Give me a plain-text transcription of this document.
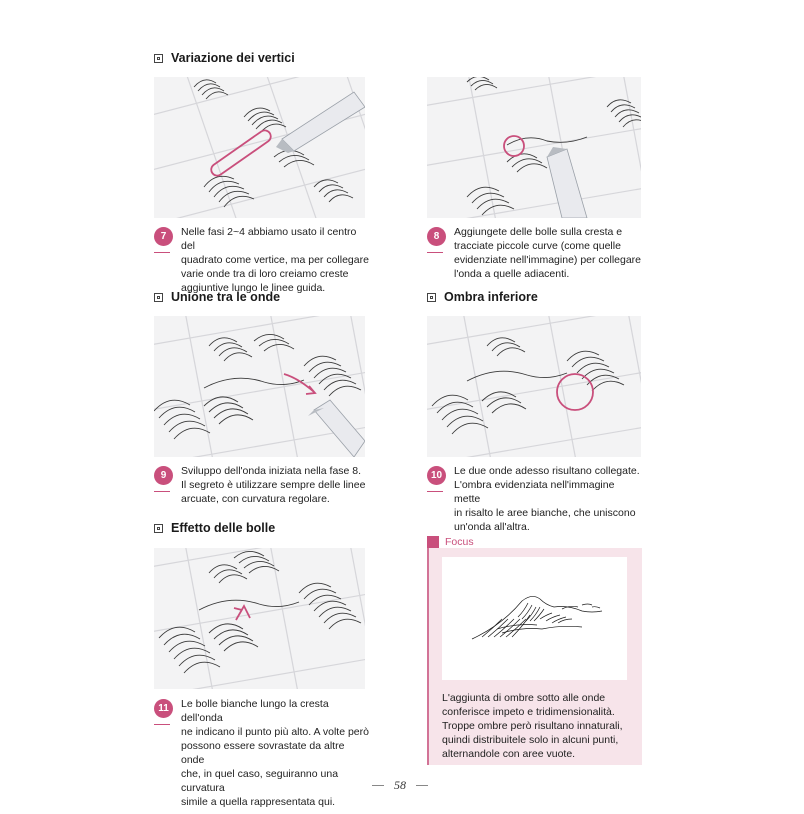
Variazione dei vertici
Unione tra le onde	Ombra inferiore
Effetto delle bolle
7	Nelle fasi 2~4 abbiamo usato il centro del
quadrato come vertice, ma per collegare
varie onde tra di loro creiamo creste
aggiuntive lungo le linee guida.
8	Aggiungete delle bolle sulla cresta e
tracciate piccole curve (come quelle
evidenziate nell'immagine) per collegare
l'onda a quelle adiacenti.
9	Sviluppo dell'onda iniziata nella fase 8.
Il segreto è utilizzare sempre delle linee
arcuate, con curvatura regolare.
10	Le due onde adesso risultano collegate.
L'ombra evidenziata nell'immagine mette
in risalto le aree bianche, che uniscono
un'onda all'altra.
11	Le bolle bianche lungo la cresta dell'onda
ne indicano il punto più alto. A volte però
possono essere sovrastate da altre onde
che, in quel caso, seguiranno una curvatura
simile a quella rappresentata qui.
Focus
L'aggiunta di ombre sotto alle onde
conferisce impeto e tridimensionalità.
Troppe ombre però risultano innaturali,
quindi distribuitele solo in alcuni punti,
alternandole con aree vuote.
58
